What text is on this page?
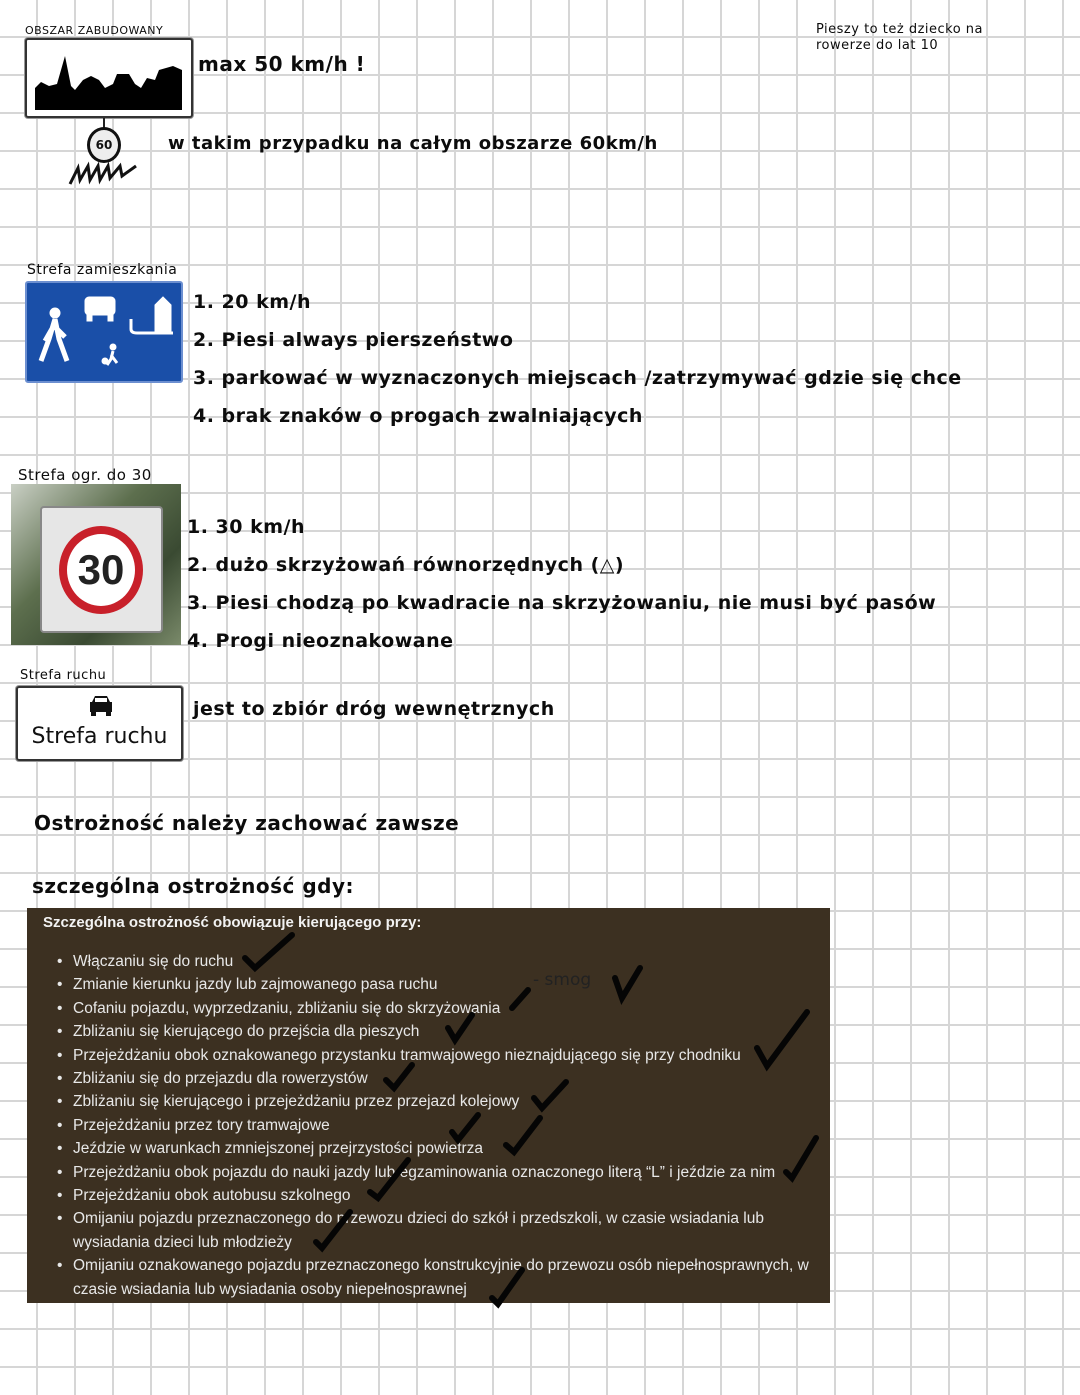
Pieszy to też dziecko na
rowerze do lat 10
OBSZAR ZABUDOWANY
max 50 km/h !
60	w takim przypadku na całym obszarze 60km/h
Strefa zamieszkania
1. 20 km/h
2. Piesi always pierszeństwo
3. parkować w wyznaczonych miejscach /zatrzymywać gdzie się chce
4. brak znaków o progach zwalniających
Strefa ogr. do 30
30
1. 30 km/h
2. dużo skrzyżowań równorzędnych (△)
3. Piesi chodzą po kwadracie na skrzyżowaniu, nie musi być pasów
4. Progi nieoznakowane
Strefa ruchu
Strefa ruchu
jest to zbiór dróg wewnętrznych
Ostrożność należy zachować zawsze
szczególna ostrożność gdy:
Szczególna ostrożność obowiązuje kierującego przy:
• Włączaniu się do ruchu
• Zmianie kierunku jazdy lub zajmowanego pasa ruchu
• Cofaniu pojazdu, wyprzedzaniu, zbliżaniu się do skrzyżowania
• Zbliżaniu się kierującego do przejścia dla pieszych
• Przejeżdżaniu obok oznakowanego przystanku tramwajowego nieznajdującego się przy chodniku
• Zbliżaniu się do przejazdu dla rowerzystów
• Zbliżaniu się kierującego i przejeżdżaniu przez przejazd kolejowy
• Przejeżdżaniu przez tory tramwajowe
• Jeździe w warunkach zmniejszonej przejrzystości powietrza
• Przejeżdżaniu obok pojazdu do nauki jazdy lub egzaminowania oznaczonego literą “L” i jeździe za nim
• Przejeżdżaniu obok autobusu szkolnego
• Omijaniu pojazdu przeznaczonego do przewozu dzieci do szkół i przedszkoli, w czasie wsiadania lub wysiadania dzieci lub młodzieży
• Omijaniu oznakowanego pojazdu przeznaczonego konstrukcyjnie do przewozu osób niepełnosprawnych, w czasie wsiadania lub wysiadania osoby niepełnosprawnej
- smog
